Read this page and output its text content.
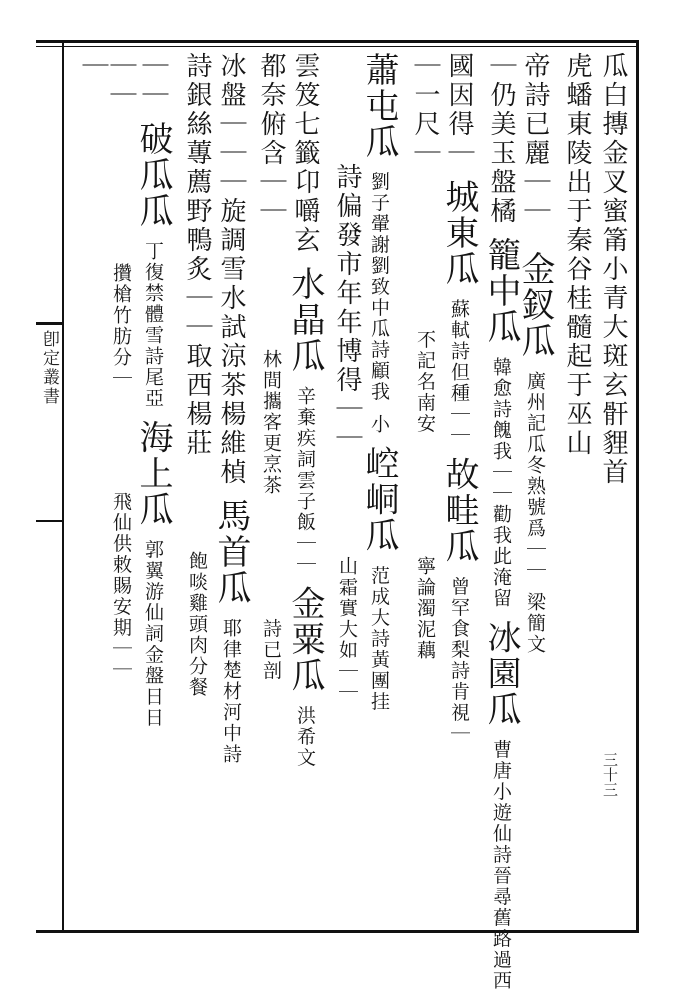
卽定叢書
三十三
瓜白摶金叉蜜筩小青大斑玄骭貍首
虎蟠東陵出于秦谷桂髓起于巫山
帝詩已麗｜｜ 金釵瓜 廣州記瓜冬熟號爲｜｜ 梁簡文
｜仍美玉盤橘 籠中瓜 韓愈詩餽我｜｜勸我此淹留 冰園瓜 曹唐小遊仙詩晉尋舊路過西
國因得｜ 城東瓜 蘇軾詩但種｜｜ 故畦瓜 曾罕食梨詩肯視｜
｜一尺｜ 不記名南安 寧論濁泥藕
蕭屯瓜 劉子翬謝劉致中瓜詩顧我 小 崆峒瓜 范成大詩黃團挂
詩偏發市年年博得｜｜  山霜實大如｜｜
雲笈七籤卬嚼玄 水晶瓜 辛棄疾詞雲子飯｜｜ 金粟瓜 洪希文
都奈俯含｜｜  林間攜客更烹茶  詩已剖
冰盤｜｜｜旋調雪水試涼茶楊維楨 馬首瓜 耶律楚材河中詩
詩銀絲蓴薦野鴨炙｜｜取西楊莊  飽啖雞頭肉分餐
｜｜ 破瓜瓜 丁復禁體雪詩尾亞 海上瓜 郭翼游仙詞金盤日日
｜｜  攢槍竹肪分｜  飛仙供敕賜安期｜｜
｜
